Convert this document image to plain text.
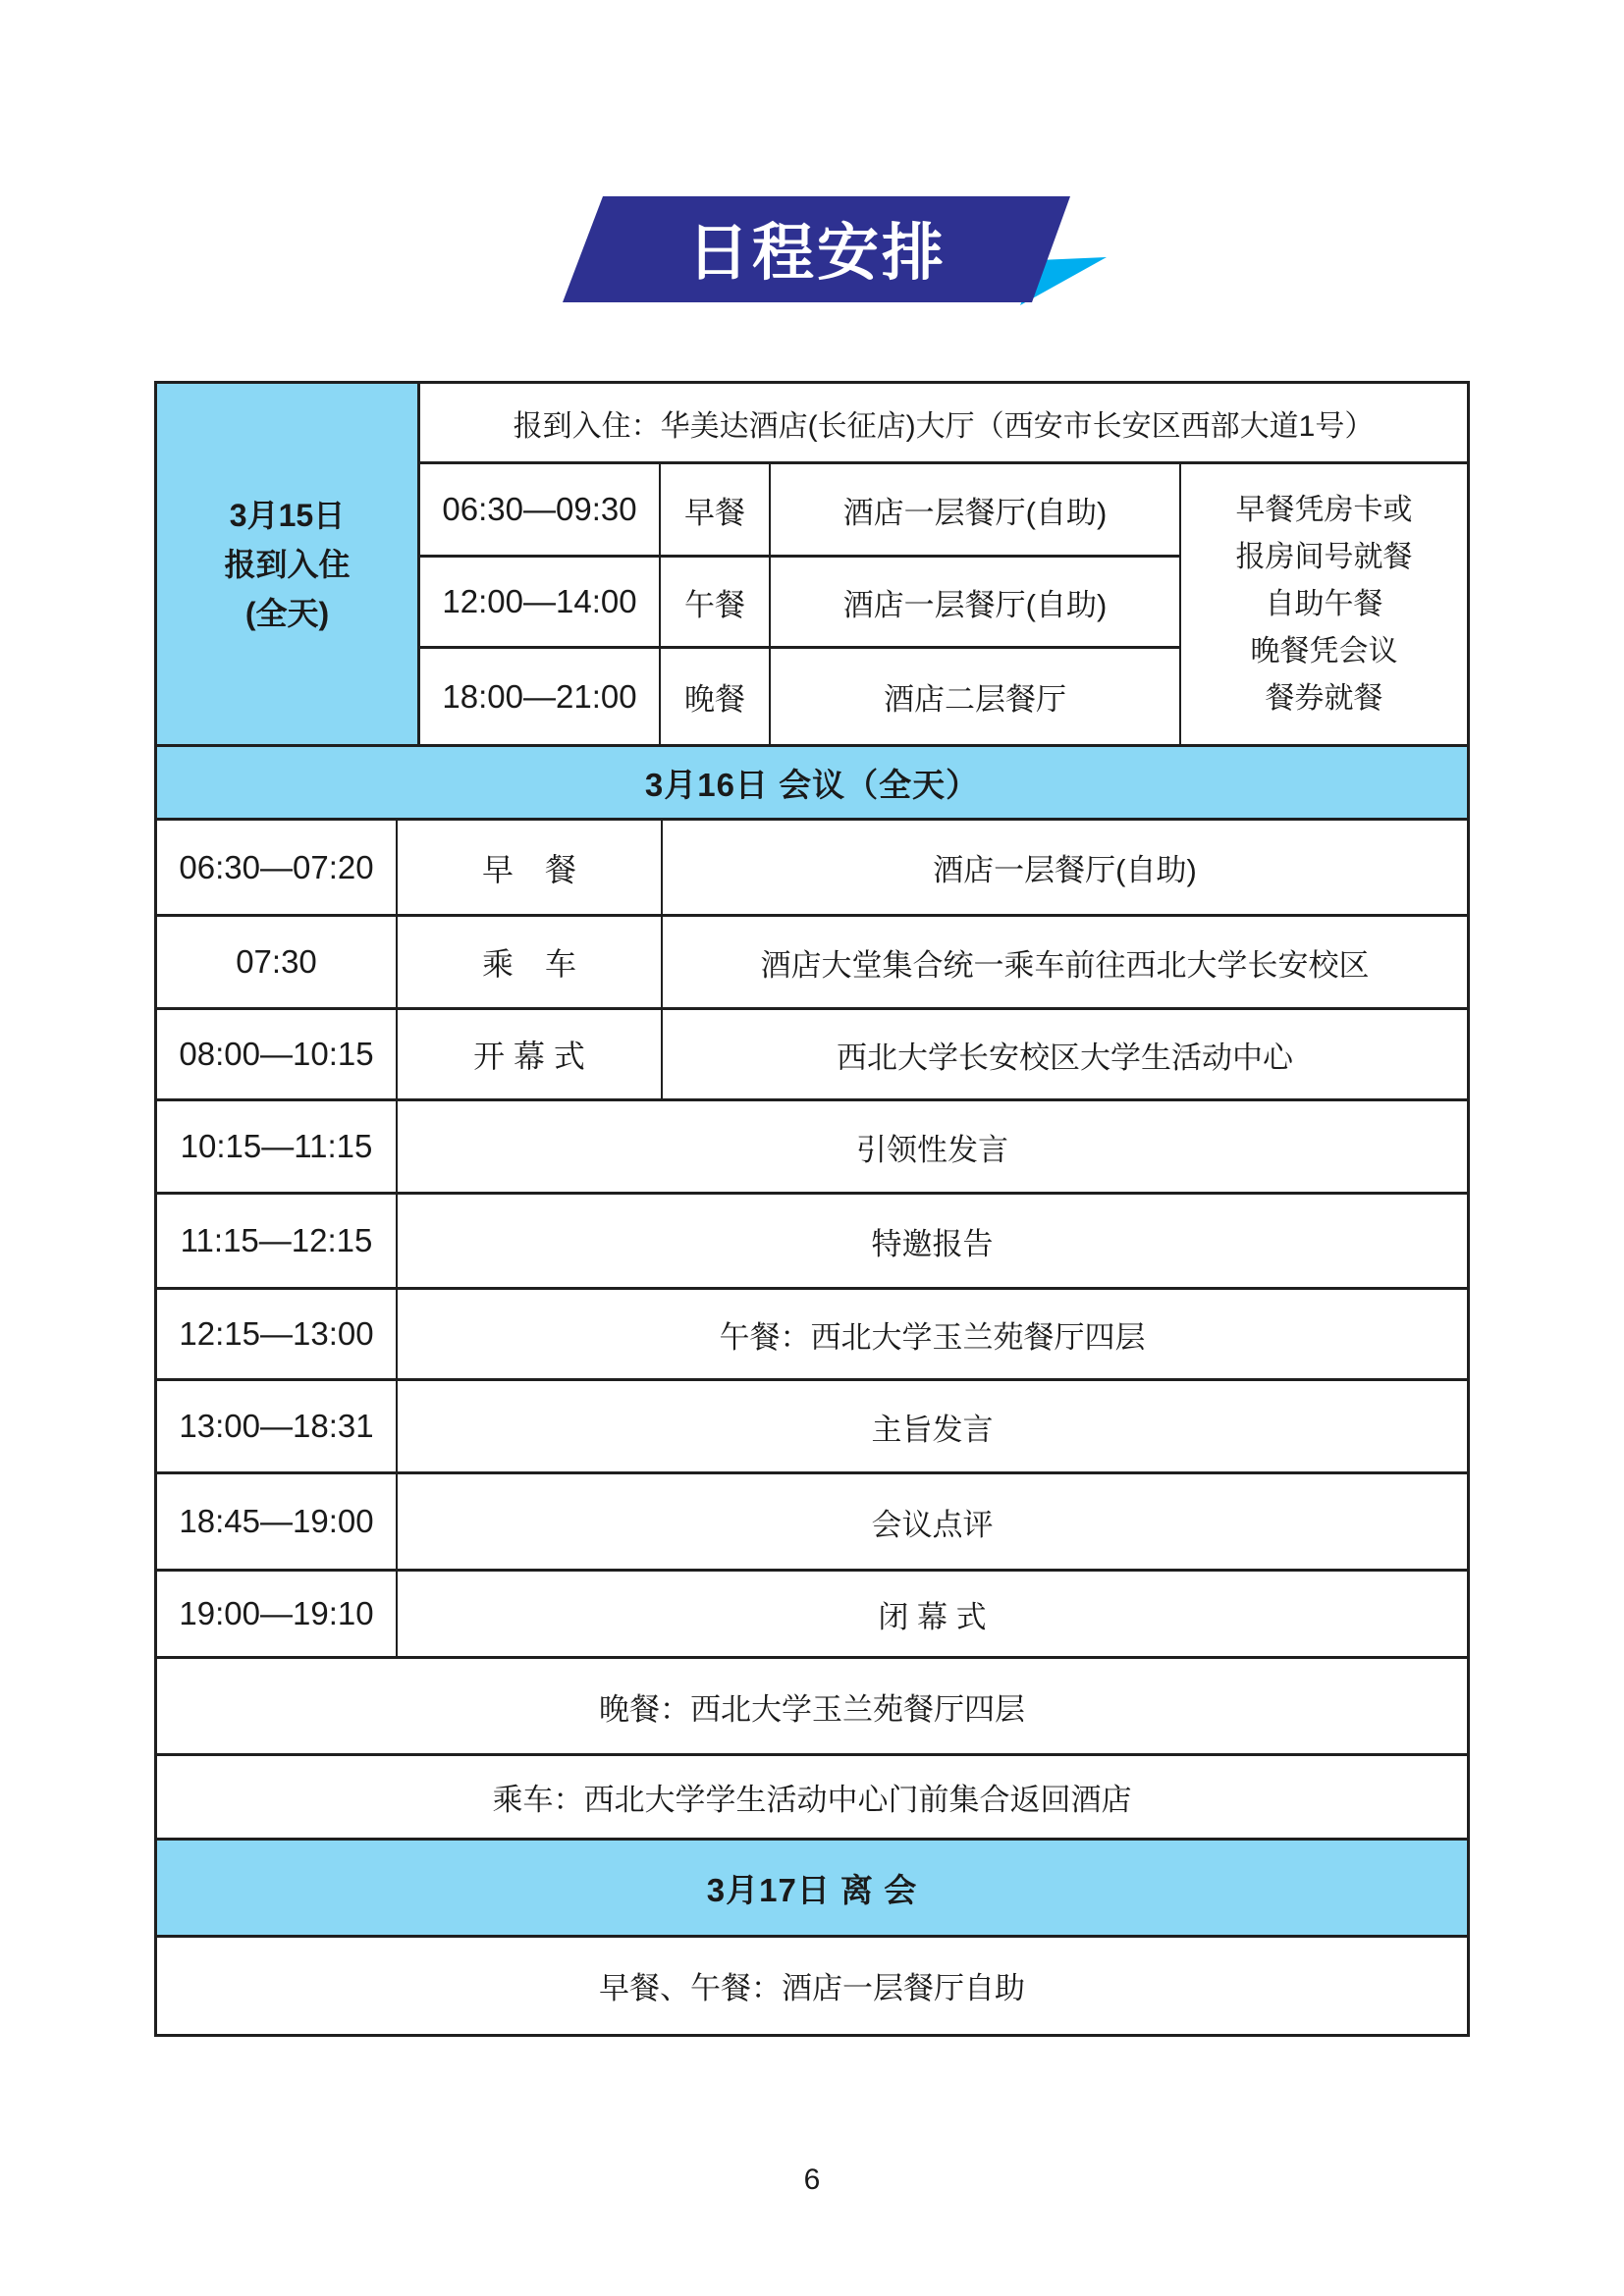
日程安排
3月15日
报到入住
(全天)
报到入住：华美达酒店(长征店)大厅（西安市长安区西部大道1号）
06:30—09:30	早餐	酒店一层餐厅(自助)
12:00—14:00	午餐	酒店一层餐厅(自助)
18:00—21:00	晚餐	酒店二层餐厅
早餐凭房卡或
报房间号就餐
自助午餐
晚餐凭会议
餐券就餐
3月16日 会议（全天）
06:30—07:20	早　餐	酒店一层餐厅(自助)
07:30	乘　车	酒店大堂集合统一乘车前往西北大学长安校区
08:00—10:15	开 幕 式	西北大学长安校区大学生活动中心
10:15—11:15	引领性发言
11:15—12:15	特邀报告
12:15—13:00	午餐：西北大学玉兰苑餐厅四层
13:00—18:31	主旨发言
18:45—19:00	会议点评
19:00—19:10	闭 幕 式
晚餐：西北大学玉兰苑餐厅四层
乘车：西北大学学生活动中心门前集合返回酒店
3月17日 离 会
早餐、午餐：酒店一层餐厅自助
6
